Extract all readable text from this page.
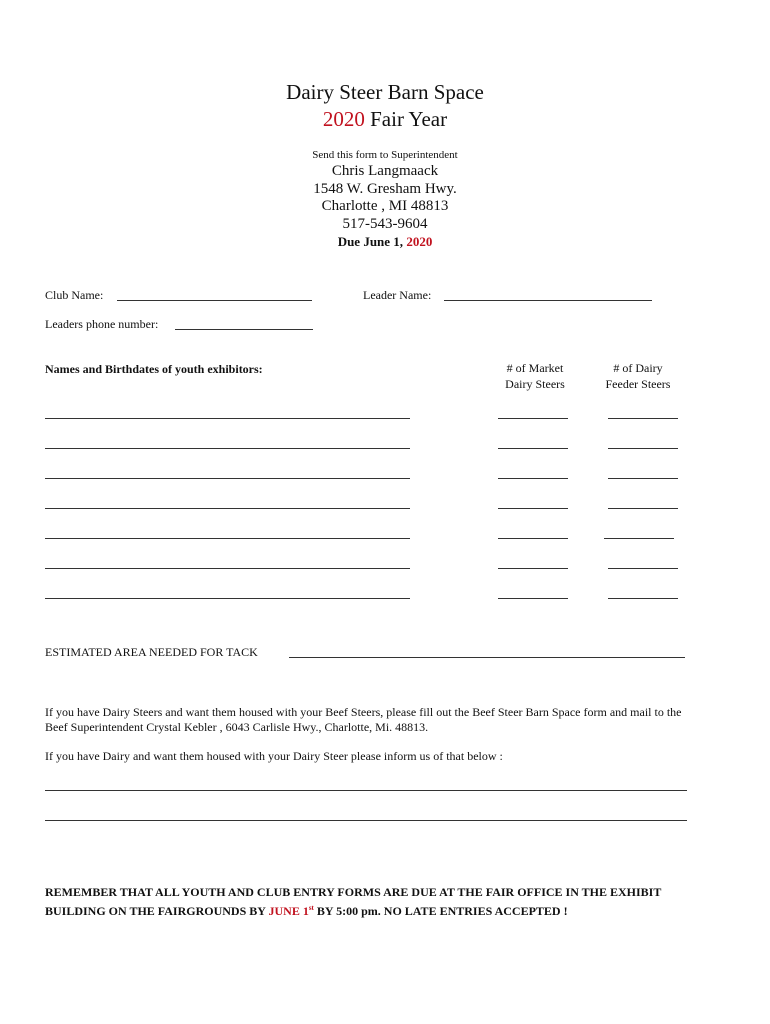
Dairy Steer Barn Space
2020 Fair Year
Send this form to Superintendent
Chris Langmaack
1548 W. Gresham Hwy.
Charlotte , MI 48813
517-543-9604
Due June 1, 2020
Club Name:	Leader Name:
Leaders phone number:
Names and Birthdates of youth exhibitors:	# of Market
Dairy Steers
# of Dairy
Feeder Steers
ESTIMATED AREA NEEDED FOR TACK
If you have Dairy Steers and want them housed with your Beef Steers, please fill out the Beef Steer Barn Space form and mail to the
Beef Superintendent Crystal Kebler , 6043 Carlisle Hwy., Charlotte, Mi. 48813.
If you have Dairy and want them housed with your Dairy Steer please inform us of that below :
REMEMBER THAT ALL YOUTH AND CLUB ENTRY FORMS ARE DUE AT THE FAIR OFFICE IN THE EXHIBIT
BUILDING ON THE FAIRGROUNDS BY JUNE 1st BY 5:00 pm. NO LATE ENTRIES ACCEPTED !
